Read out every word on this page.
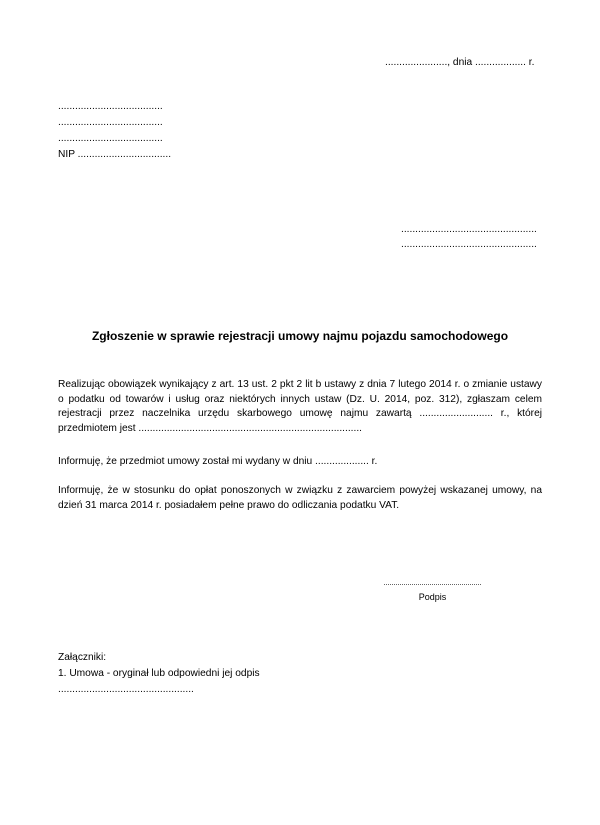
......................, dnia .................. r.
.....................................
.....................................
.....................................
NIP .................................
................................................
................................................
Zgłoszenie w sprawie rejestracji umowy najmu pojazdu samochodowego
Realizując obowiązek wynikający z art. 13 ust. 2 pkt 2 lit b ustawy z dnia 7 lutego 2014 r. o zmianie ustawy o podatku od towarów i usług oraz niektórych innych ustaw (Dz. U. 2014, poz. 312), zgłaszam celem rejestracji przez naczelnika urzędu skarbowego umowę najmu zawartą .......................... r., której przedmiotem jest ...............................................................................
Informuję, że przedmiot umowy został mi wydany w dniu ................... r.
Informuję, że w stosunku do opłat ponoszonych w związku z zawarciem powyżej wskazanej umowy, na dzień 31 marca 2014 r. posiadałem pełne prawo do odliczania podatku VAT.
Podpis
Załączniki:
1. Umowa - oryginał lub odpowiedni jej odpis
................................................
